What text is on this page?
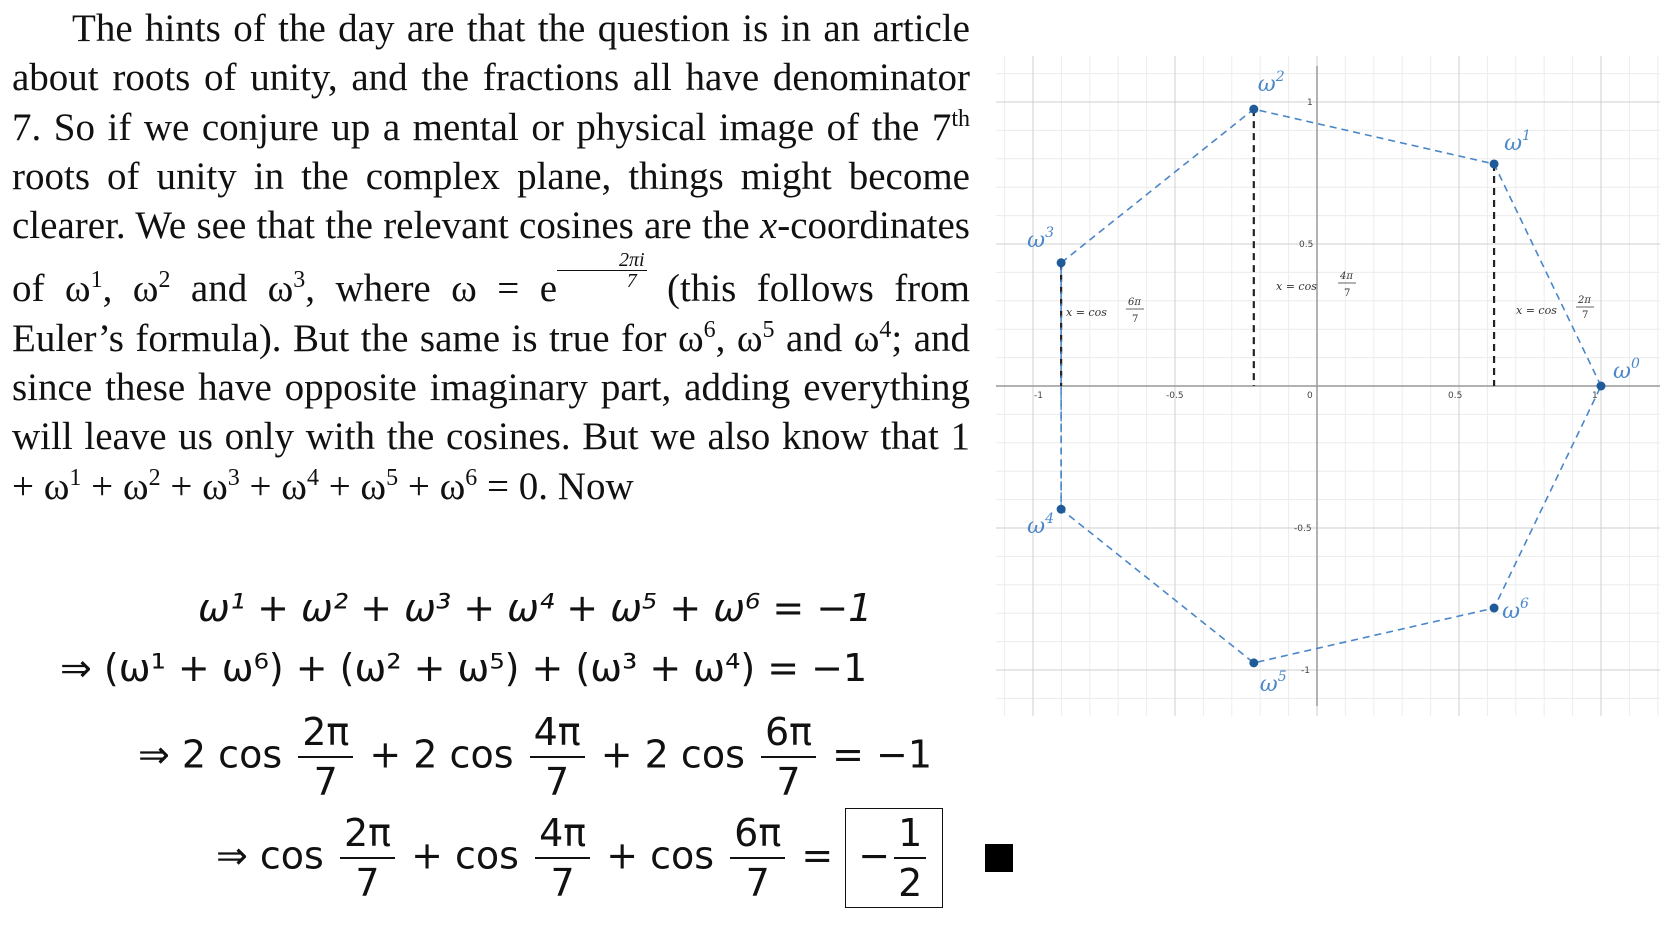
The hints of the day are that the question is in an article about roots of unity, and the fractions all have denominator 7. So if we conjure up a mental or physical image of the 7th roots of unity in the complex plane, things might become clearer. We see that the relevant cosines are the x-coordinates of $\omega^1$, $\omega^2$ and $\omega^3$, where ω = e $\frac{2\pi i}{7}$ (this follows from Euler’s formula). But the same is true for $\omega^6$, $\omega^5$ and $\omega^4$; and since these have opposite imaginary part, adding everything will leave us only with the cosines. But we also know that $1 + \omega^1 + \omega^2 + \omega^3 + \omega^4 + \omega^5 + \omega^6 = 0$. Now

ω¹ + ω² + ω³ + ω⁴ + ω⁵ + ω⁶ = −1
⇒ (ω¹ + ω⁶) + (ω² + ω⁵) + (ω³ + ω⁴) = −1
⇒ 2 $\cos \frac{2\pi}{7} + 2$ $\cos \frac{4\pi}{7} + 2$ $\cos \frac{6\pi}{7} = -1$
⇒ $\cos \frac{2\pi}{7} + \cos \frac{4\pi}{7} + \cos \frac{6\pi}{7}$ = − $\frac{1}{2}$

-1	-0.5	0	0.5	1
1
0.5
-0.5
-1
$\omega^0$
$\omega^1$
$\omega^2$
$\omega^3$
$\omega^4$
$\omega^5$
$\omega^6$
x = cos
2π
7
x = cos
4π
7
x = cos
6π
7
